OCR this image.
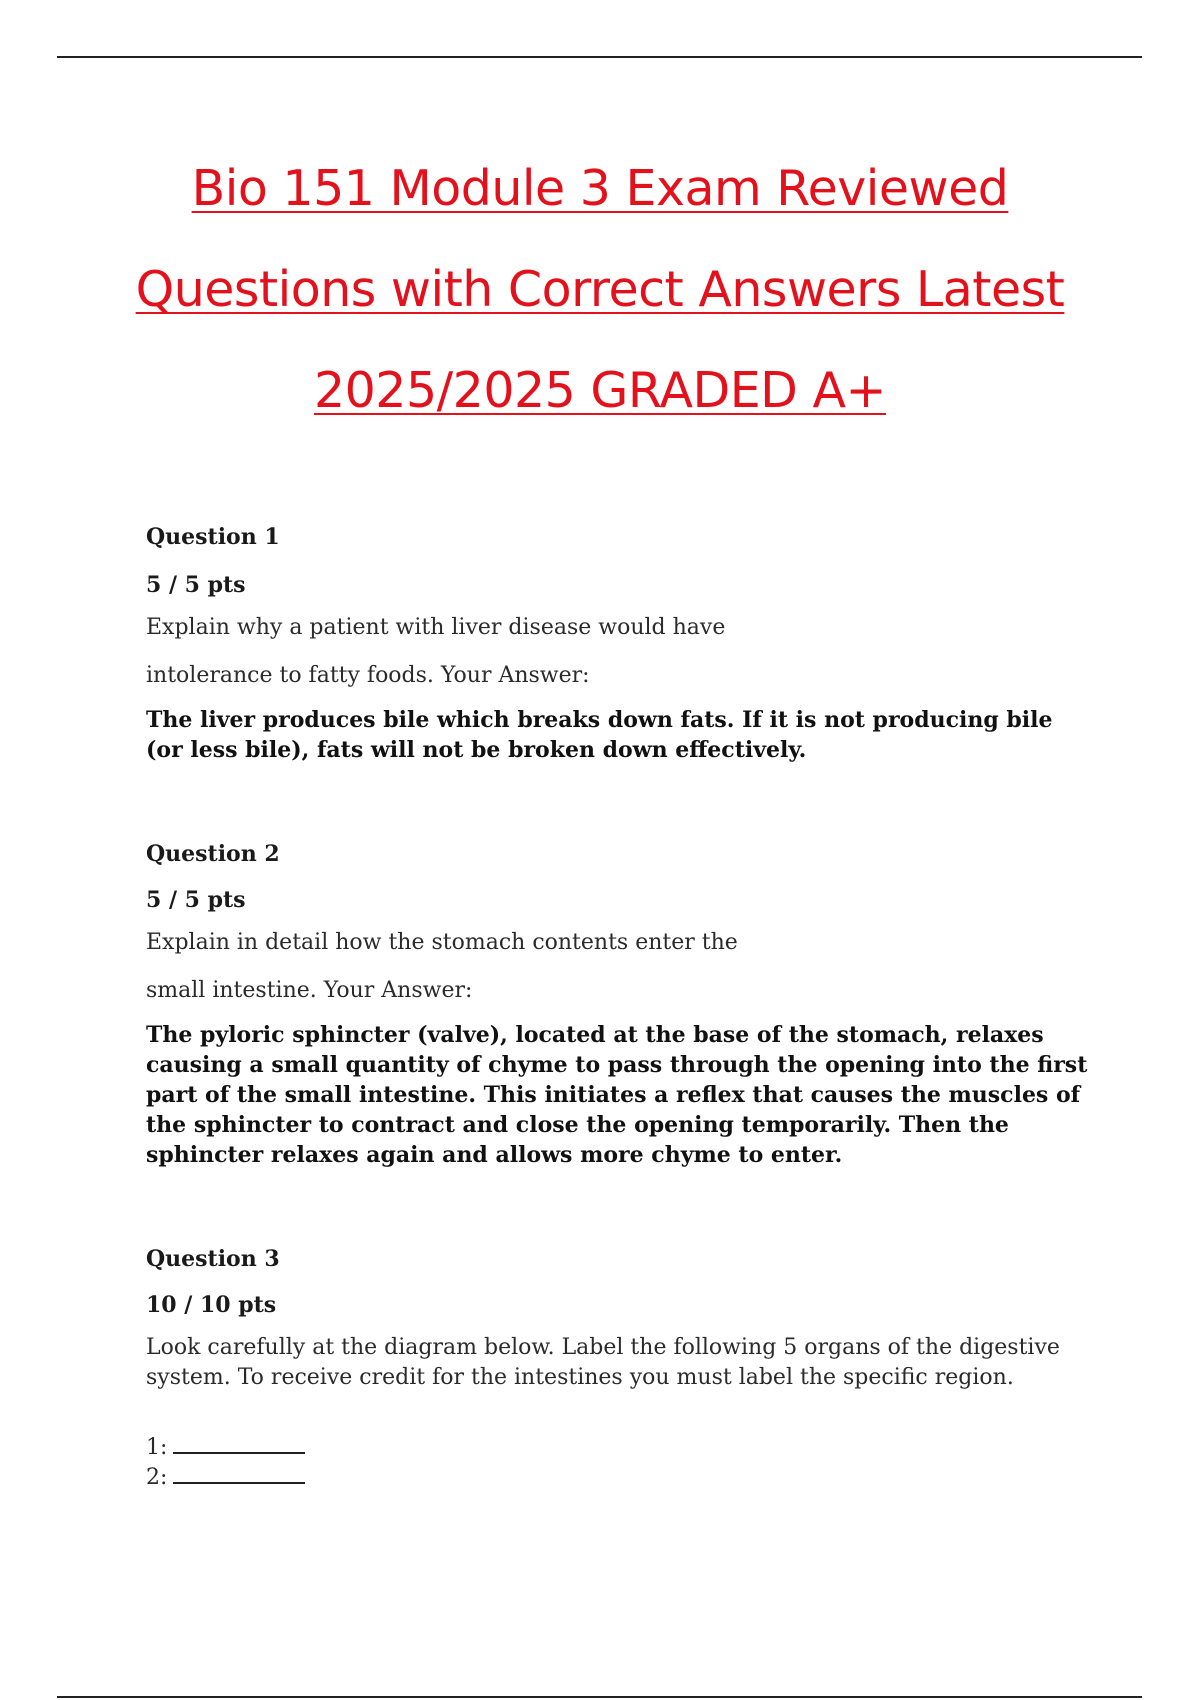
Bio 151 Module 3 Exam Reviewed
Questions with Correct Answers Latest
2025/2025 GRADED A+
Question 1
5 / 5 pts
Explain why a patient with liver disease would have
intolerance to fatty foods. Your Answer:
The liver produces bile which breaks down fats. If it is not producing bile (or less bile), fats will not be broken down effectively.
Question 2
5 / 5 pts
Explain in detail how the stomach contents enter the
small intestine. Your Answer:
The pyloric sphincter (valve), located at the base of the stomach, relaxes causing a small quantity of chyme to pass through the opening into the first part of the small intestine. This initiates a reflex that causes the muscles of the sphincter to contract and close the opening temporarily. Then the sphincter relaxes again and allows more chyme to enter.
Question 3
10 / 10 pts
Look carefully at the diagram below. Label the following 5 organs of the digestive system. To receive credit for the intestines you must label the specific region.
1:
2:
